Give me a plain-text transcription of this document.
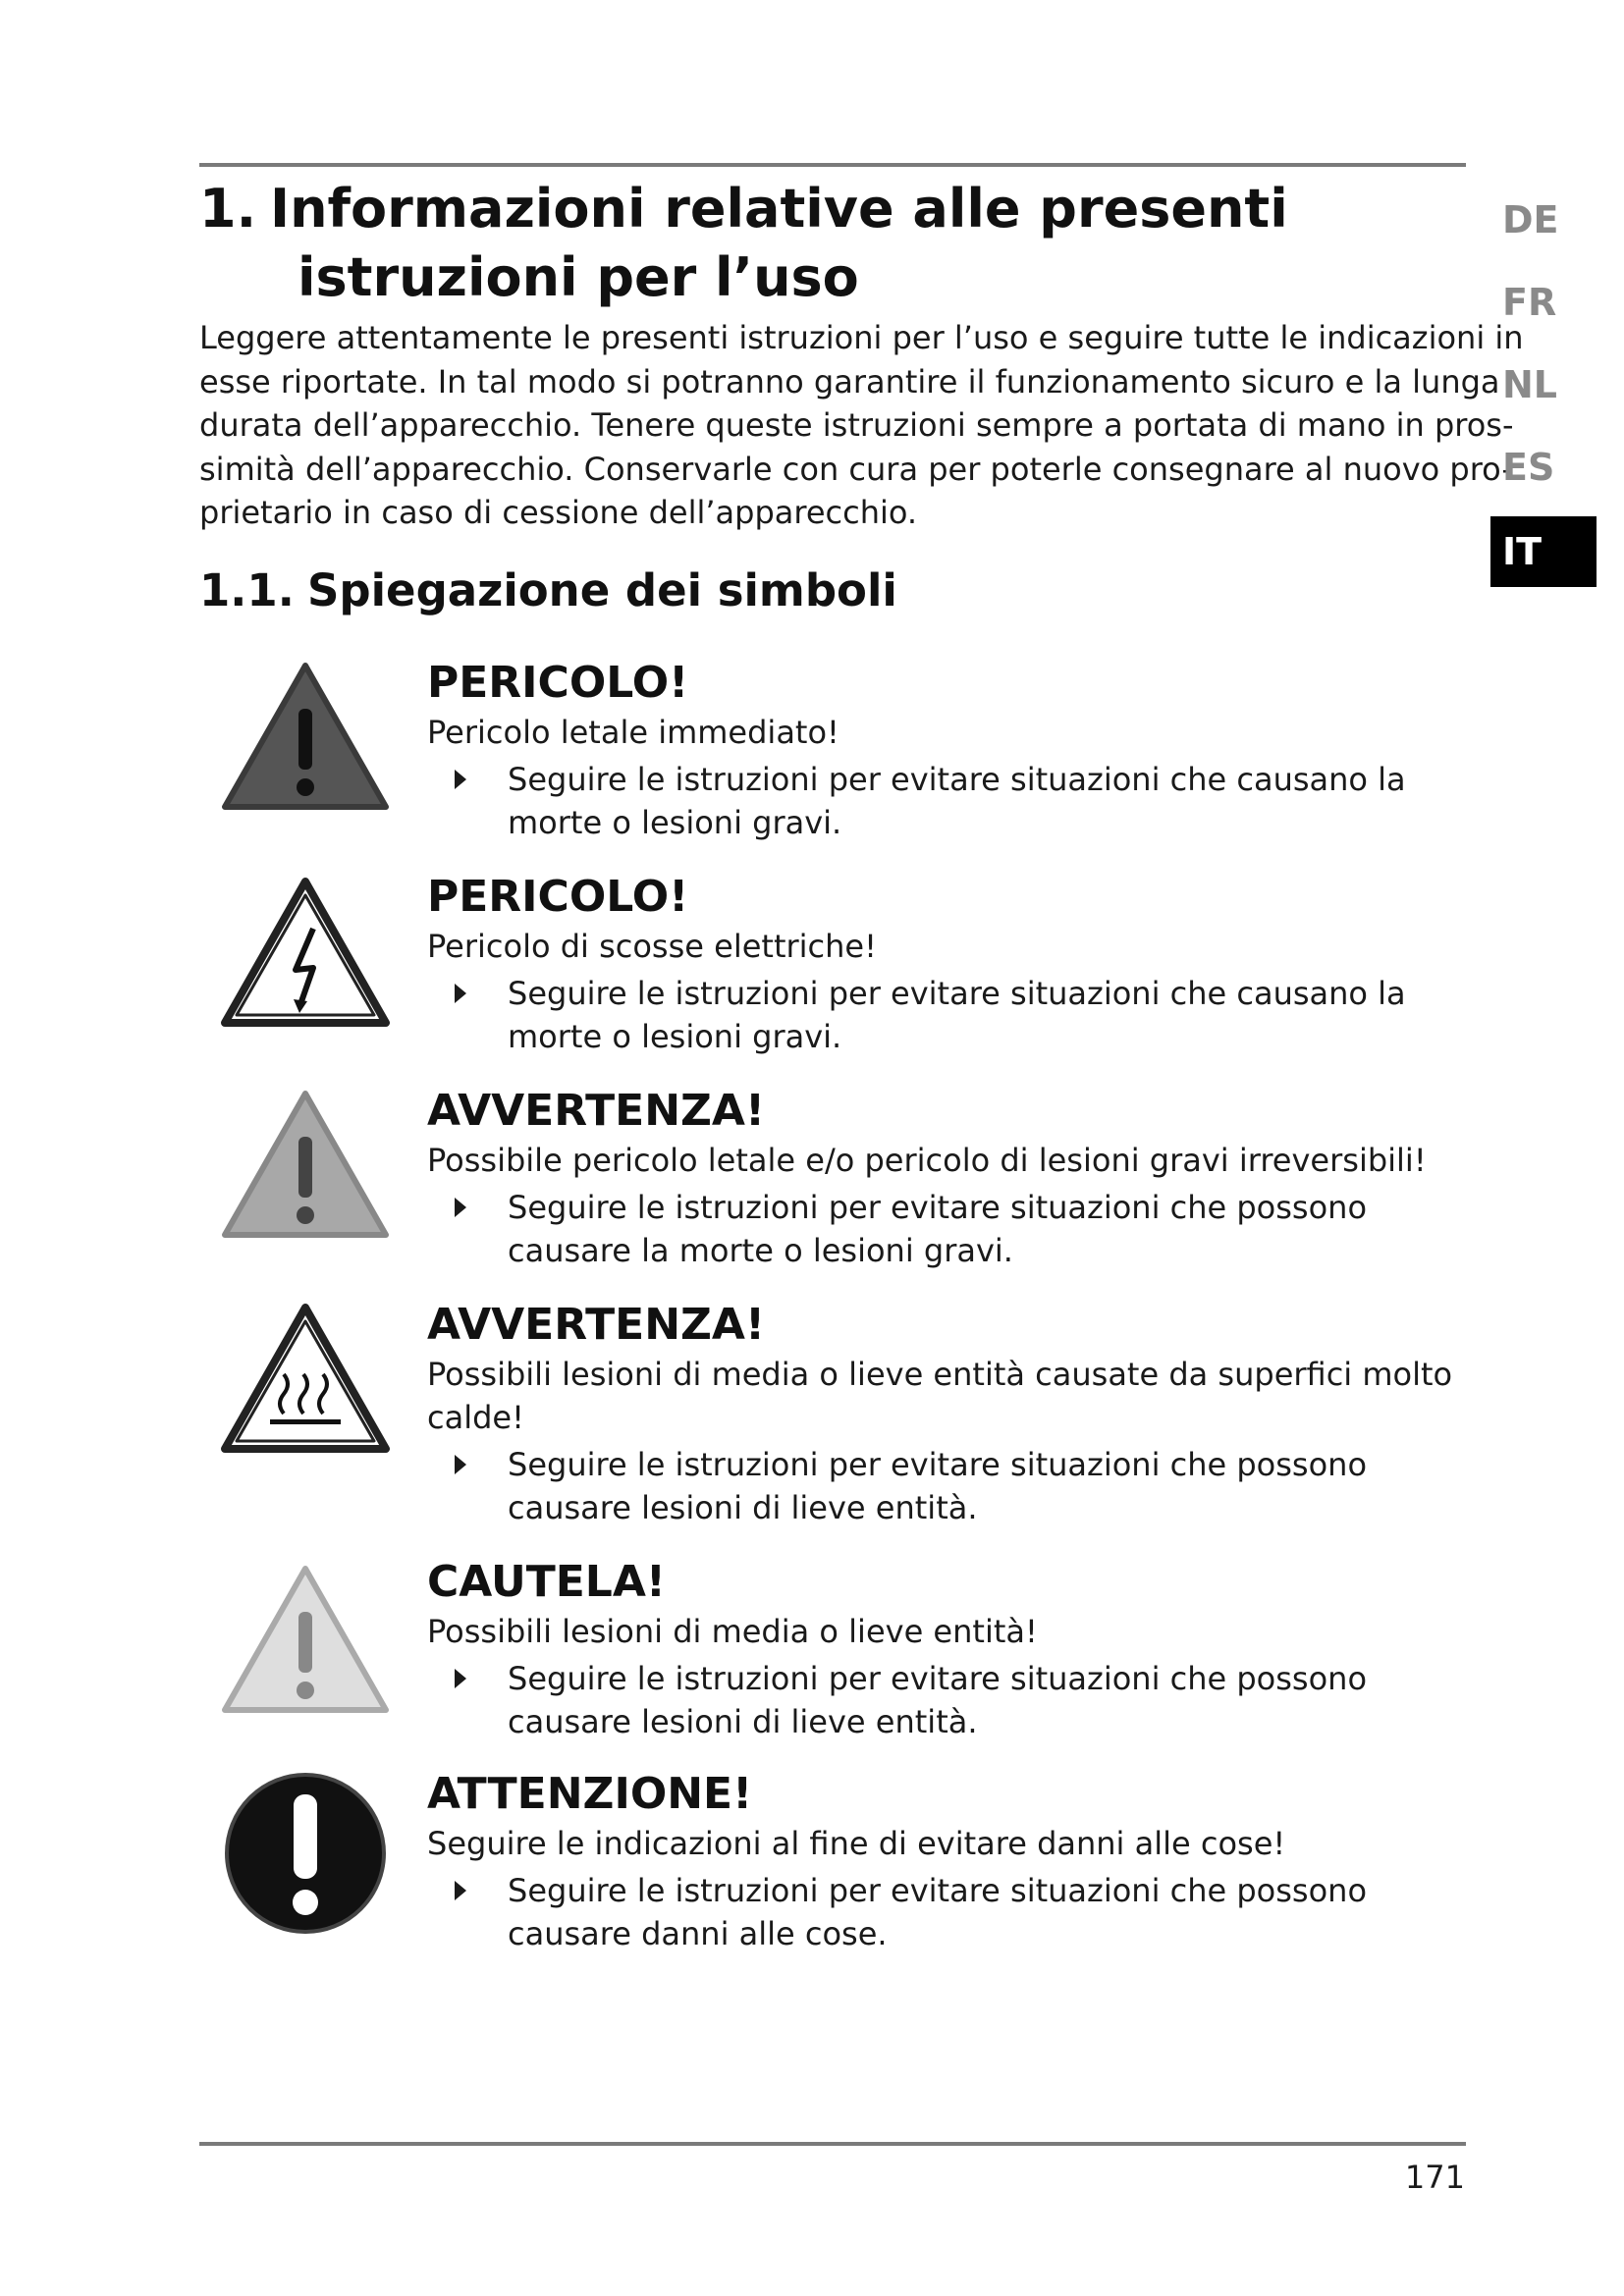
1. Informazioni relative alle presenti
istruzioni per l’uso

Leggere attentamente le presenti istruzioni per l’uso e seguire tutte le indicazioni in
esse riportate. In tal modo si potranno garantire il funzionamento sicuro e la lunga
durata dell’apparecchio. Tenere queste istruzioni sempre a portata di mano in pros-
simità dell’apparecchio. Conservarle con cura per poterle consegnare al nuovo pro-
prietario in caso di cessione dell’apparecchio.

1.1. Spiegazione dei simboli
DE
FR
NL
ES
IT

PERICOLO!

Pericolo letale immediato!

Seguire le istruzioni per evitare situazioni che causano la morte o lesioni gravi.

PERICOLO!

Pericolo di scosse elettriche!

Seguire le istruzioni per evitare situazioni che causano la morte o lesioni gravi.

AVVERTENZA!

Possibile pericolo letale e/o pericolo di lesioni gravi irreversibili!

Seguire le istruzioni per evitare situazioni che possono causare la morte o lesioni gravi.

AVVERTENZA!

Possibili lesioni di media o lieve entità causate da superfici molto calde!

Seguire le istruzioni per evitare situazioni che possono causare lesioni di lieve entità.

CAUTELA!

Possibili lesioni di media o lieve entità!

Seguire le istruzioni per evitare situazioni che possono causare lesioni di lieve entità.

ATTENZIONE!

Seguire le indicazioni al fine di evitare danni alle cose!

Seguire le istruzioni per evitare situazioni che possono causare danni alle cose.
171
